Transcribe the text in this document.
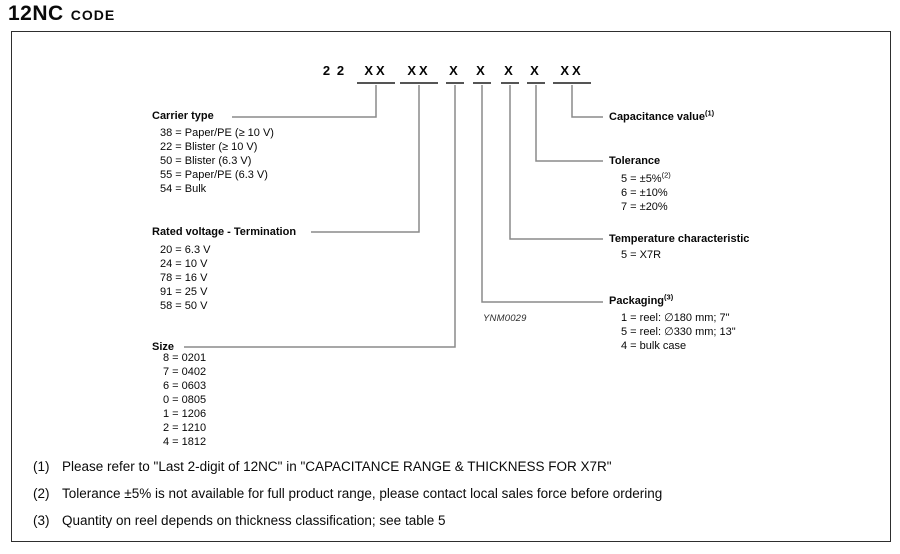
12NC CODE
2 2	XX	XX	X X X X	XX
Carrier type
38 = Paper/PE (≥ 10 V)
22 = Blister (≥ 10 V)
50 = Blister (6.3 V)
55 = Paper/PE (6.3 V)
54 = Bulk
Rated voltage - Termination
20 = 6.3 V
24 = 10 V
78 = 16 V
91 = 25 V
58 = 50 V
Size
8 = 0201
7 = 0402
6 = 0603
0 = 0805
1 = 1206
2 = 1210
4 = 1812
Capacitance value$^{(1)}$
Tolerance
5 = ±5%$^{(2)}$
6 = ±10%
7 = ±20%
Temperature characteristic
5 = X7R
Packaging$^{(3)}$
1 = reel: ∅180 mm; 7"
5 = reel: ∅330 mm; 13"
4 = bulk case
YNM0029
(1) Please refer to "Last 2-digit of 12NC" in "CAPACITANCE RANGE & THICKNESS FOR X7R"
(2) Tolerance ±5% is not available for full product range, please contact local sales force before ordering
(3) Quantity on reel depends on thickness classification; see table 5
